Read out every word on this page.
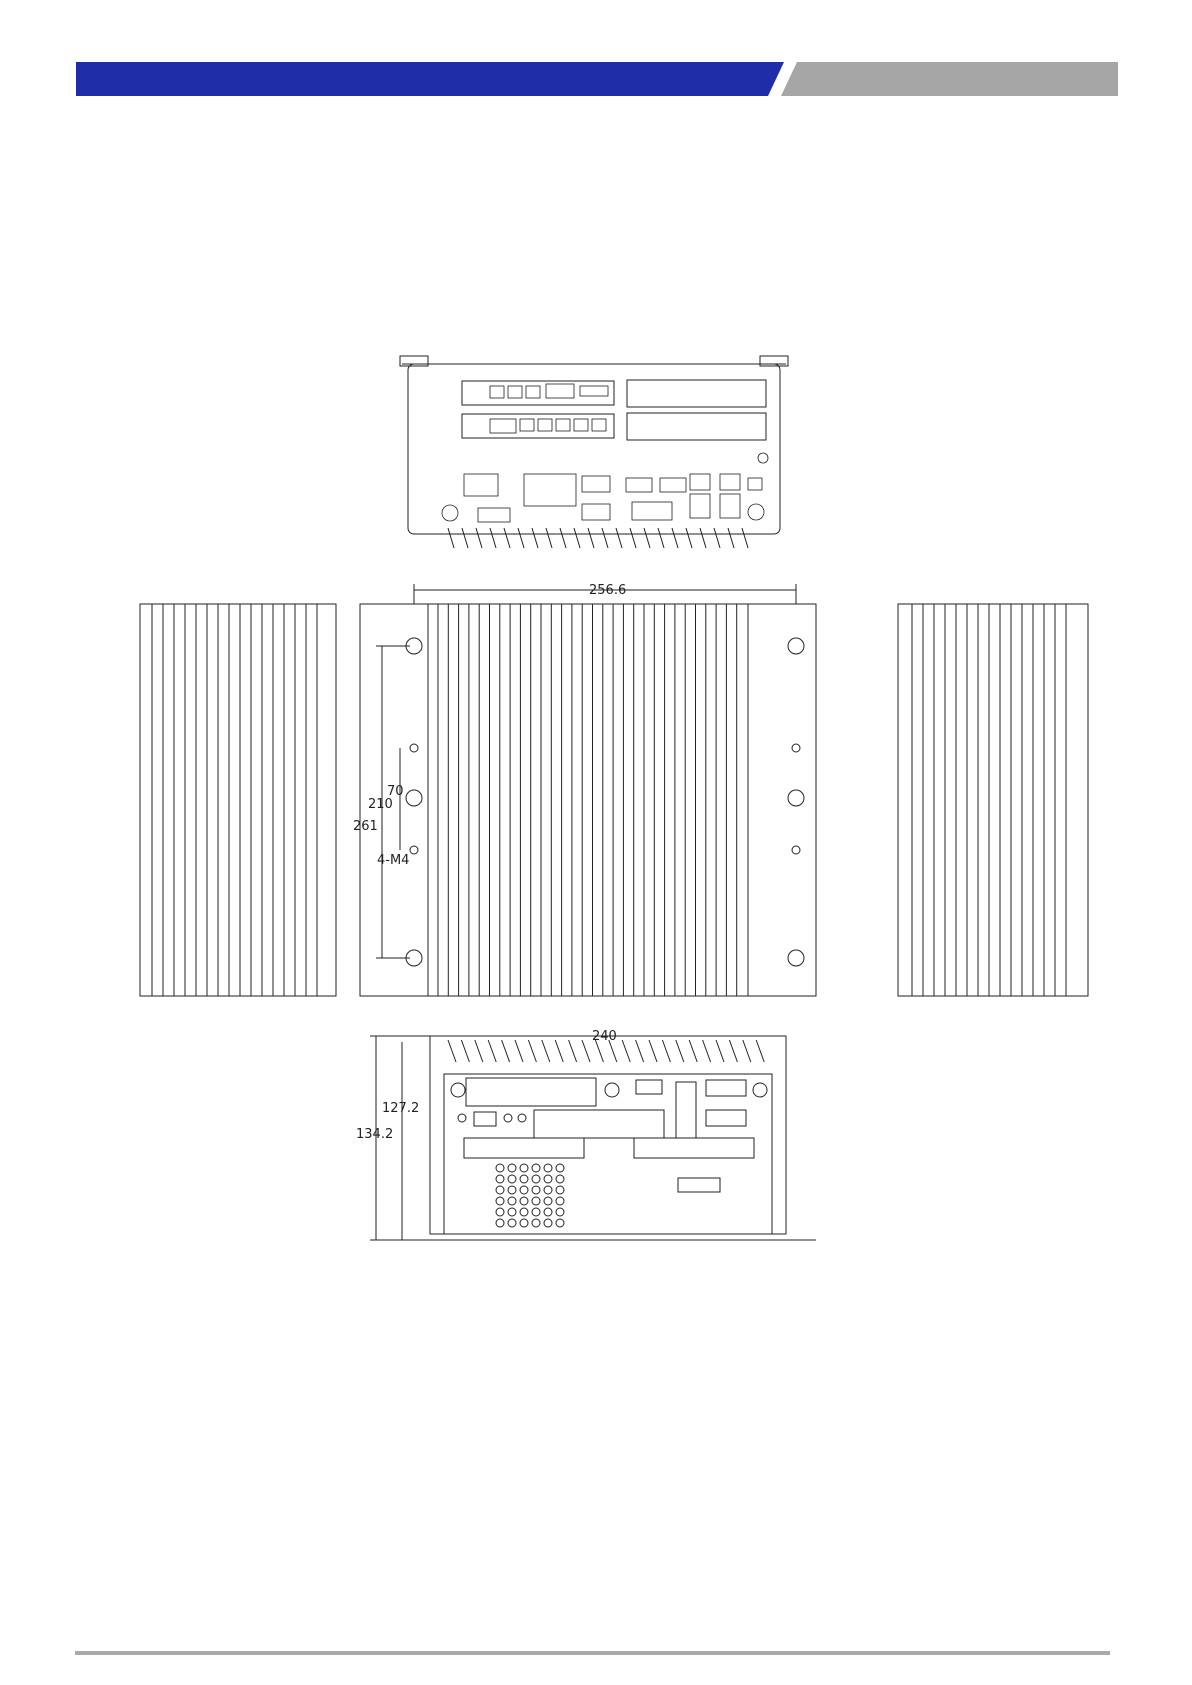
256.6
261
210
70
4-M4
240
127.2
134.2
